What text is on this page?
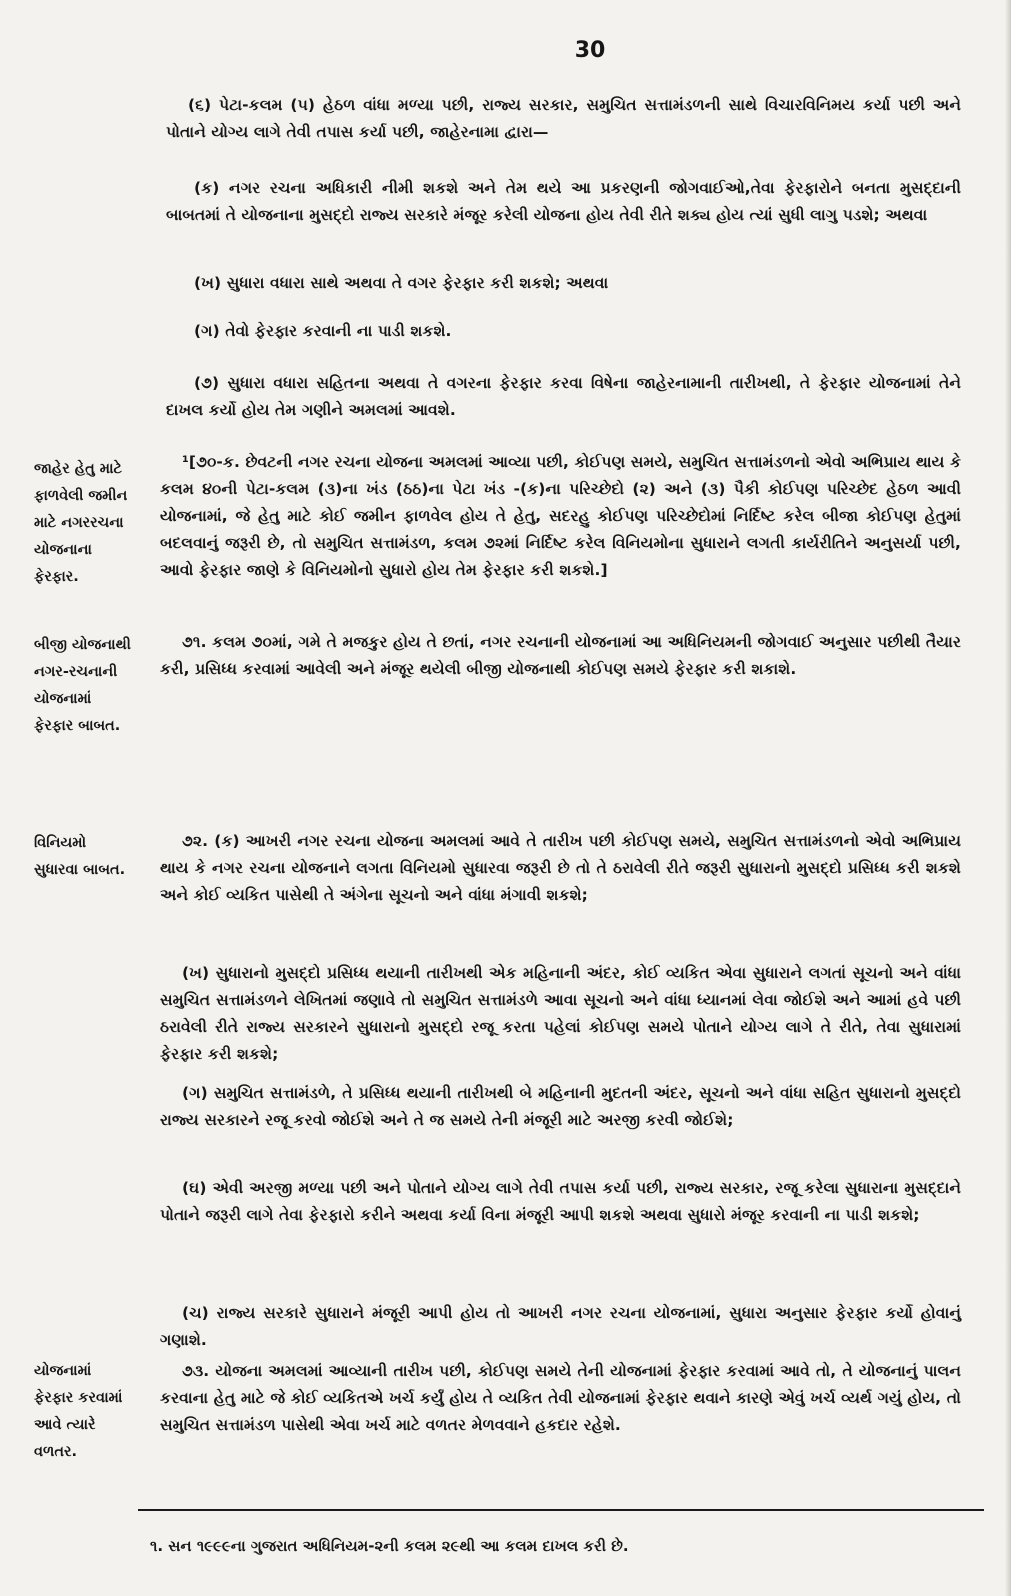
30
(૬) પેટા-કલમ (૫) હેઠળ વાંધા મળ્યા પછી, રાજ્ય સરકાર, સમુચિત સત્તામંડળની સાથે વિચારવિનિમય કર્યા પછી અને પોતાને યોગ્ય લાગે તેવી તપાસ કર્યા પછી, જાહેરનામા દ્વારા—
(ક) નગર રચના અધિકારી નીમી શકશે અને તેમ થયે આ પ્રકરણની જોગવાઈઓ,તેવા ફેરફારોને બનતા મુસદ્દાની બાબતમાં તે યોજનાના મુસદ્દો રાજ્ય સરકારે મંજૂર કરેલી યોજના હોય તેવી રીતે શક્ય હોય ત્યાં સુધી લાગુ પડશે; અથવા
(ખ) સુધારા વધારા સાથે અથવા તે વગર ફેરફાર કરી શકશે; અથવા
(ગ) તેવો ફેરફાર કરવાની ના પાડી શકશે.
(૭) સુધારા વધારા સહિતના અથવા તે વગરના ફેરફાર કરવા વિષેના જાહેરનામાની તારીખથી, તે ફેરફાર યોજનામાં તેને દાખલ કર્યો હોય તેમ ગણીને અમલમાં આવશે.
જાહેર હેતુ માટે ફાળવેલી જમીન માટે નગરરચના યોજનાના ફેરફાર.
¹[૭૦-ક. છેવટની નગર રચના યોજના અમલમાં આવ્યા પછી, કોઈપણ સમયે, સમુચિત સત્તામંડળનો એવો અભિપ્રાય થાય કે કલમ ૪૦ની પેટા-કલમ (૩)ના ખંડ (ઠઠ)ના પેટા ખંડ -(ક)ના પરિચ્છેદો (૨) અને (૩) પૈકી કોઈપણ પરિચ્છેદ હેઠળ આવી યોજનામાં, જે હેતુ માટે કોઈ જમીન ફાળવેલ હોય તે હેતુ, સદરહુ કોઈપણ પરિચ્છેદોમાં નિર્દિષ્ટ કરેલ બીજા કોઈપણ હેતુમાં બદલવાનું જરૂરી છે, તો સમુચિત સત્તામંડળ, કલમ ૭૨માં નિર્દિષ્ટ કરેલ વિનિયમોના સુધારાને લગતી કાર્યરીતિને અનુસર્યા પછી, આવો ફેરફાર જાણે કે વિનિયમોનો સુધારો હોય તેમ ફેરફાર કરી શકશે.]
બીજી યોજનાથી નગર-રચનાની યોજનામાં ફેરફાર બાબત.
૭૧. કલમ ૭૦માં, ગમે તે મજકુર હોય તે છતાં, નગર રચનાની યોજનામાં આ અધિનિયમની જોગવાઈ અનુસાર પછીથી તૈયાર કરી, પ્રસિધ્ધ કરવામાં આવેલી અને મંજૂર થયેલી બીજી યોજનાથી કોઈપણ સમયે ફેરફાર કરી શકાશે.
વિનિયમો સુધારવા બાબત.
૭૨. (ક) આખરી નગર રચના યોજના અમલમાં આવે તે તારીખ પછી કોઈપણ સમયે, સમુચિત સત્તામંડળનો એવો અભિપ્રાય થાય કે નગર રચના યોજનાને લગતા વિનિયમો સુધારવા જરૂરી છે તો તે ઠરાવેલી રીતે જરૂરી સુધારાનો મુસદ્દો પ્રસિધ્ધ કરી શકશે અને કોઈ વ્યકિત પાસેથી તે અંગેના સૂચનો અને વાંધા મંગાવી શકશે;
(ખ) સુધારાનો મુસદ્દો પ્રસિધ્ધ થયાની તારીખથી એક મહિનાની અંદર, કોઈ વ્યકિત એવા સુધારાને લગતાં સૂચનો અને વાંધા સમુચિત સત્તામંડળને લેખિતમાં જણાવે તો સમુચિત સત્તામંડળે આવા સૂચનો અને વાંધા ધ્યાનમાં લેવા જોઈશે અને આમાં હવે પછી ઠરાવેલી રીતે રાજ્ય સરકારને સુધારાનો મુસદ્દો રજૂ કરતા પહેલાં કોઈપણ સમયે પોતાને યોગ્ય લાગે તે રીતે, તેવા સુધારામાં ફેરફાર કરી શકશે;
(ગ) સમુચિત સત્તામંડળે, તે પ્રસિધ્ધ થયાની તારીખથી બે મહિનાની મુદતની અંદર, સૂચનો અને વાંધા સહિત સુધારાનો મુસદ્દો રાજ્ય સરકારને રજૂ કરવો જોઈશે અને તે જ સમયે તેની મંજૂરી માટે અરજી કરવી જોઈશે;
(ઘ) એવી અરજી મળ્યા પછી અને પોતાને યોગ્ય લાગે તેવી તપાસ કર્યા પછી, રાજ્ય સરકાર, રજૂ કરેલા સુધારાના મુસદ્દાને પોતાને જરૂરી લાગે તેવા ફેરફારો કરીને અથવા કર્યા વિના મંજૂરી આપી શકશે અથવા સુધારો મંજૂર કરવાની ના પાડી શકશે;
(ચ) રાજ્ય સરકારે સુધારાને મંજૂરી આપી હોય તો આખરી નગર રચના યોજનામાં, સુધારા અનુસાર ફેરફાર કર્યો હોવાનું ગણાશે.
યોજનામાં ફેરફાર કરવામાં આવે ત્યારે વળતર.
૭૩. યોજના અમલમાં આવ્યાની તારીખ પછી, કોઈપણ સમયે તેની યોજનામાં ફેરફાર કરવામાં આવે તો, તે યોજનાનું પાલન કરવાના હેતુ માટે જે કોઈ વ્યકિતએ ખર્ચ કર્યું હોય તે વ્યકિત તેવી યોજનામાં ફેરફાર થવાને કારણે એવું ખર્ચ વ્યર્થ ગયું હોય, તો સમુચિત સત્તામંડળ પાસેથી એવા ખર્ચ માટે વળતર મેળવવાને હકદાર રહેશે.
૧. સન ૧૯૯૯ના ગુજરાત અધિનિયમ-૨ની કલમ ૨૯થી આ કલમ દાખલ કરી છે.
